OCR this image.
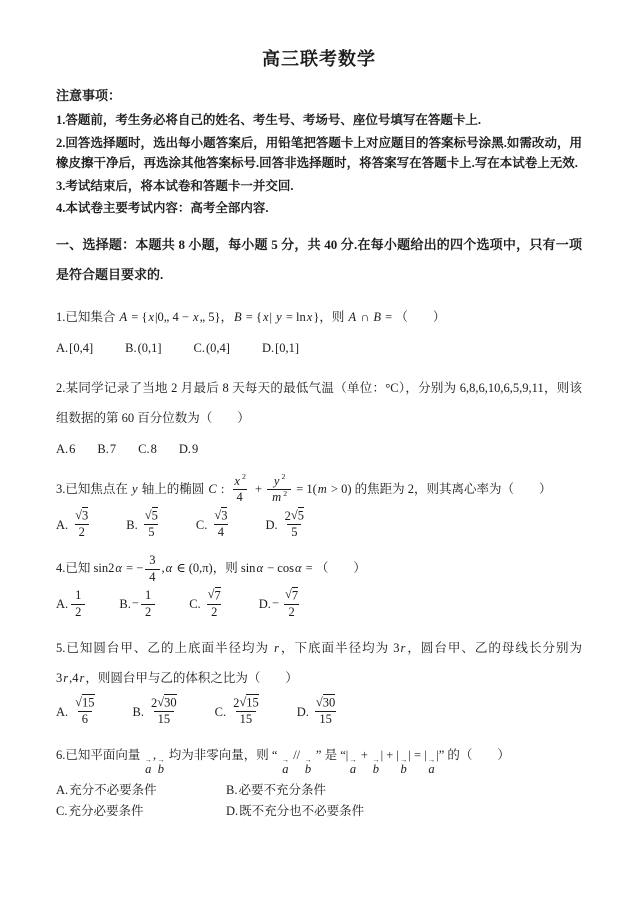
高三联考数学
注意事项：

1.答题前，考生务必将自己的姓名、考生号、考场号、座位号填写在答题卡上.

2.回答选择题时，选出每小题答案后，用铅笔把答题卡上对应题目的答案标号涂黑.如需改动，用橡皮擦干净后，再选涂其他答案标号.回答非选择题时，将答案写在答题卡上.写在本试卷上无效.

3.考试结束后，将本试卷和答题卡一并交回.

4.本试卷主要考试内容：高考全部内容.

一、选择题：本题共 8 小题，每小题 5 分，共 40 分.在每小题给出的四个选项中，只有一项是符合题目要求的.

1.已知集合 A = {x|0„ 4 − x„ 5}，B = {x| y = lnx}，则 A ∩ B = （　　）
A. [0,4]	B. (0,1]	C. (0,4]	D. [0,1]
2.某同学记录了当地 2 月最后 8 天每天的最低气温（单位：°C），分别为 6,8,6,10,6,5,9,11，则该组数据的第 60 百分位数为（　　）
A. 6 B. 7 C. 8 D. 9
3.已知焦点在 y 轴上的椭圆 C : $\frac{x ^2}{4} + \frac{y ^2}{m ^2} = 1(m > 0)$ 的焦距为 2，则其离心率为（　　）
A. $\frac{√3}{2}$	B. $\frac{√5}{5}$	C. $\frac{√3}{4}$	D. $\frac{2√5}{5}$
4.已知 sin2α = − $\frac{3}{4} ,\alpha$ ∈ (0,π)，则 sinα − cosα = （　　）
A. $\frac{1}{2}$	B. − $\frac{1}{2}$	C. $\frac{√7}{2}$	D. − $\frac{√7}{2}$
5.已知圆台甲、乙的上底面半径均为 r，下底面半径均为 3r，圆台甲、乙的母线长分别为 3r,4r，则圆台甲与乙的体积之比为（　　）
A. $\frac{√15}{6}$	B. $\frac{2√30}{15}$	C. $\frac{2√15}{15}$	D. $\frac{√30}{15}$
6.已知平面向量
→ a
,
→ b
均为非零向量，则 “
→ a
//
→ b
” 是 “|
→ a
+
→ b
| + |
→ b
| = |
→ a
|” 的（　　）
A. 充分不必要条件	B. 必要不充分条件
C. 充分必要条件	D. 既不充分也不必要条件
